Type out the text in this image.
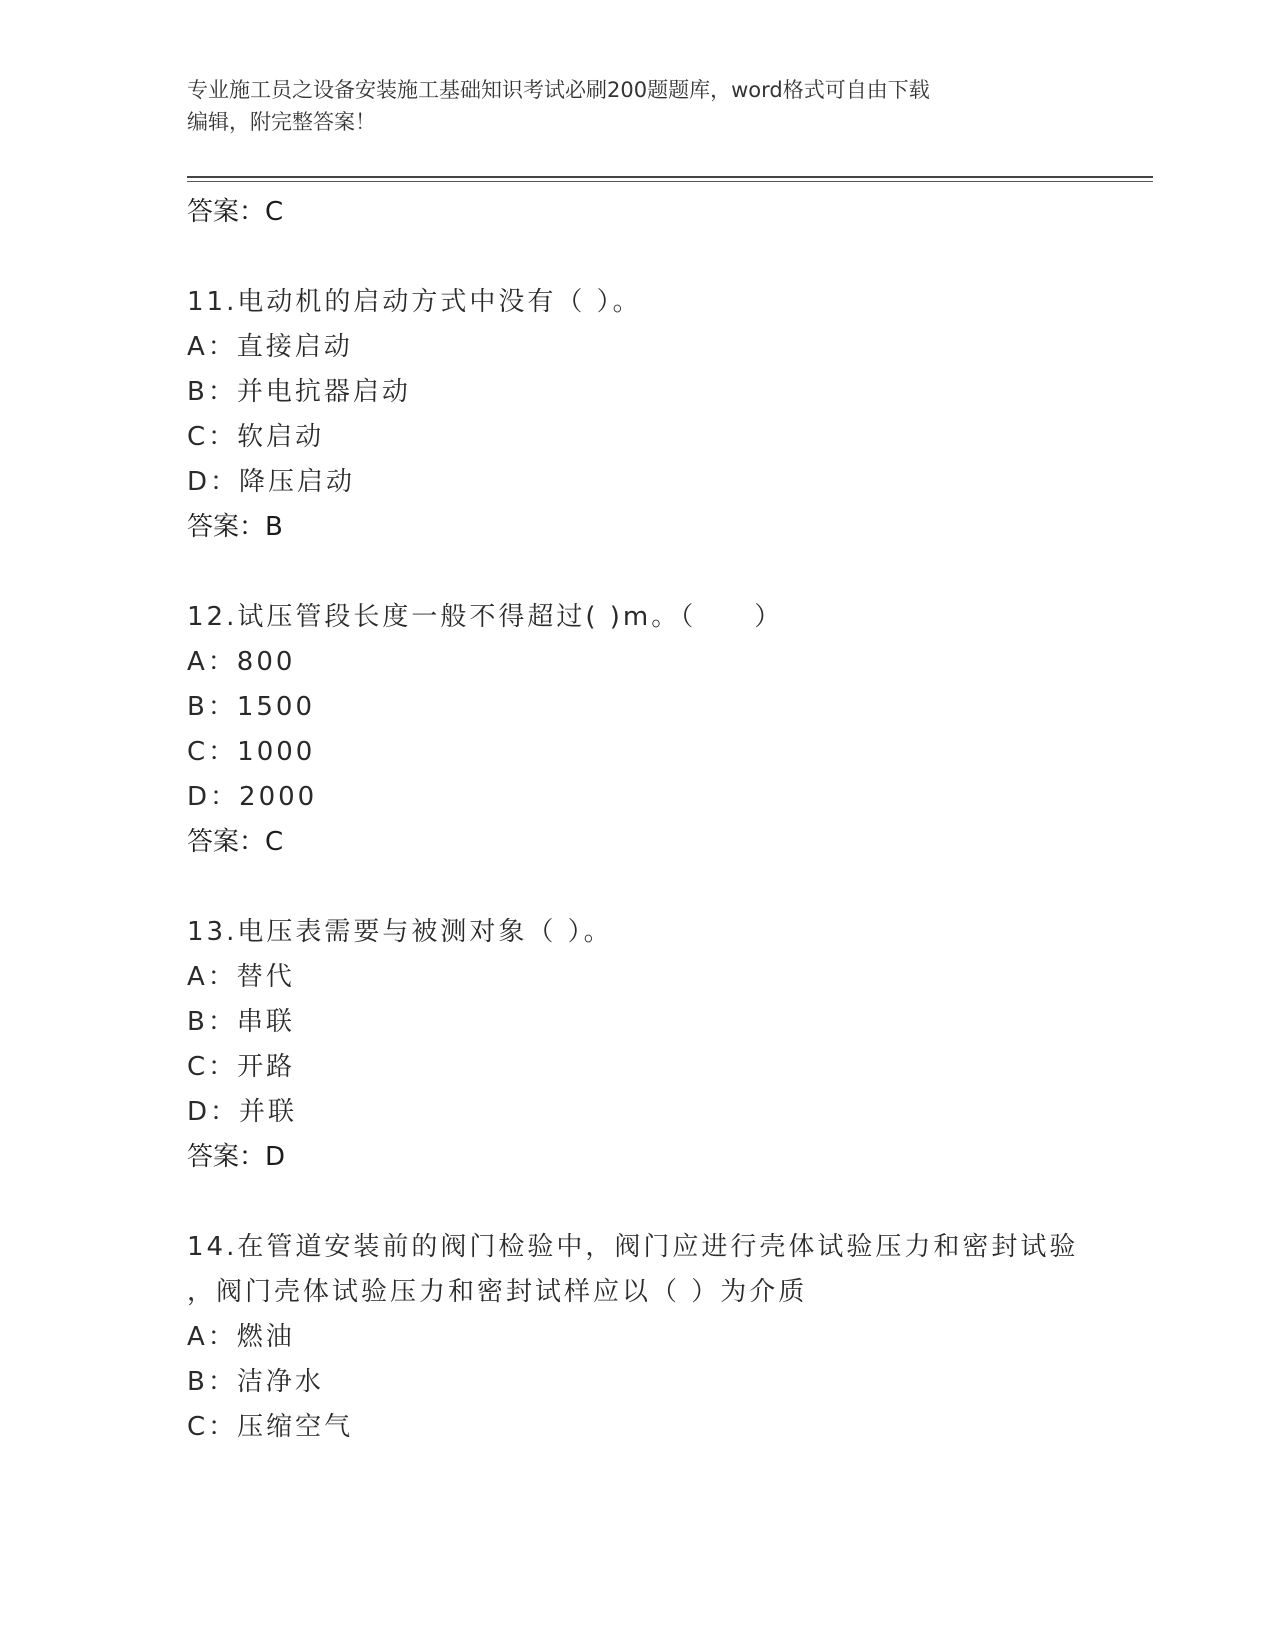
专业施工员之设备安装施工基础知识考试必刷200题题库，word格式可自由下载
编辑，附完整答案！
答案：C
11.电动机的启动方式中没有（ ）。
A：直接启动
B：并电抗器启动
C：软启动
D：降压启动
答案：B
12.试压管段长度一般不得超过( )m。（　　）
A：800
B：1500
C：1000
D：2000
答案：C
13.电压表需要与被测对象（ ）。
A：替代
B：串联
C：开路
D：并联
答案：D
14.在管道安装前的阀门检验中，阀门应进行壳体试验压力和密封试验
，阀门壳体试验压力和密封试样应以（ ）为介质
A：燃油
B：洁净水
C：压缩空气
